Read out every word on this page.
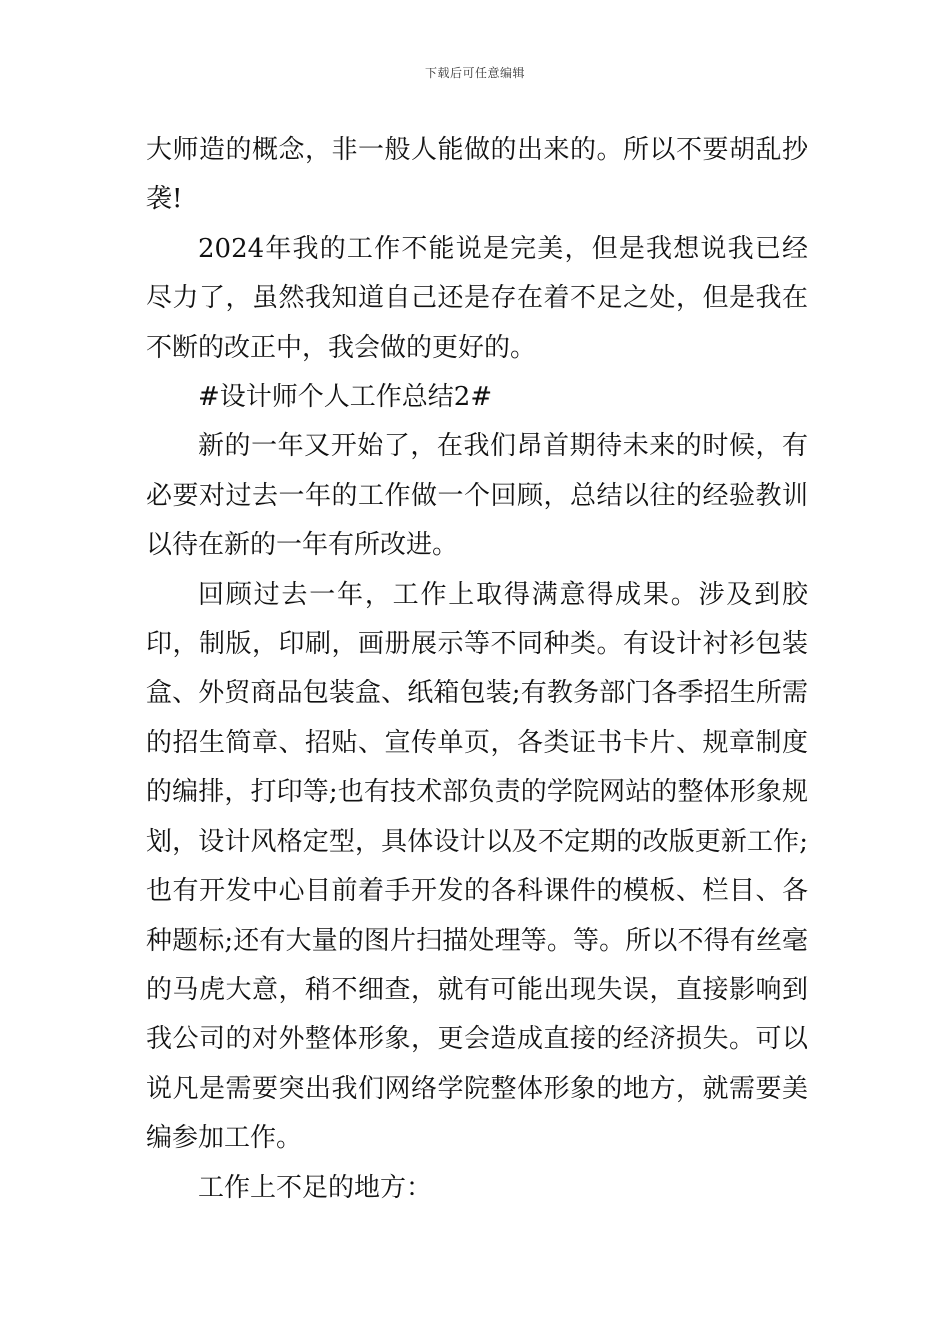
下载后可任意编辑

大师造的概念，非一般人能做的出来的。所以不要胡乱抄袭!

2024年我的工作不能说是完美，但是我想说我已经尽力了，虽然我知道自己还是存在着不足之处，但是我在不断的改正中，我会做的更好的。

#设计师个人工作总结2#

新的一年又开始了，在我们昂首期待未来的时候，有必要对过去一年的工作做一个回顾，总结以往的经验教训以待在新的一年有所改进。

回顾过去一年，工作上取得满意得成果。涉及到胶印，制版，印刷，画册展示等不同种类。有设计衬衫包装盒、外贸商品包装盒、纸箱包装;有教务部门各季招生所需的招生简章、招贴、宣传单页，各类证书卡片、规章制度的编排，打印等;也有技术部负责的学院网站的整体形象规划，设计风格定型，具体设计以及不定期的改版更新工作;也有开发中心目前着手开发的各科课件的模板、栏目、各种题标;还有大量的图片扫描处理等。等。所以不得有丝毫的马虎大意，稍不细查，就有可能出现失误，直接影响到我公司的对外整体形象，更会造成直接的经济损失。可以说凡是需要突出我们网络学院整体形象的地方，就需要美编参加工作。

工作上不足的地方：
